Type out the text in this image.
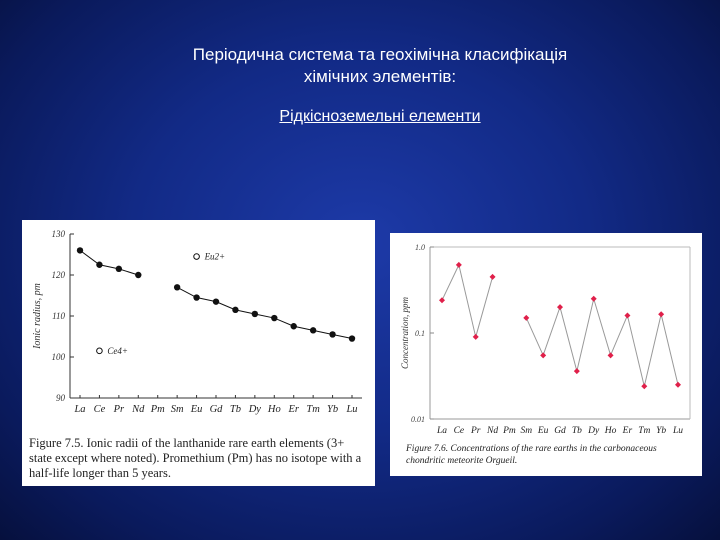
Періодична система та геохімічна класифікація
хімічних элементів:
Рідкісноземельні елементи
90
100
110
120
130
La Ce Pr Nd Pm Sm Eu Gd Tb Dy Ho Er Tm Yb Lu
Ionic radius, pm
Eu2+
Ce4+
Figure 7.5. Ionic radii of the lanthanide rare earth elements (3+ state except where noted). Promethium (Pm) has no isotope with a half-life longer than 5 years.
0.01
0.1
1.0
La Ce Pr Nd Pm Sm Eu Gd Tb Dy Ho Er Tm Yb Lu
Concentration, ppm
Figure 7.6. Concentrations of the rare earths in the carbonaceous chondritic meteorite Orgueil.
